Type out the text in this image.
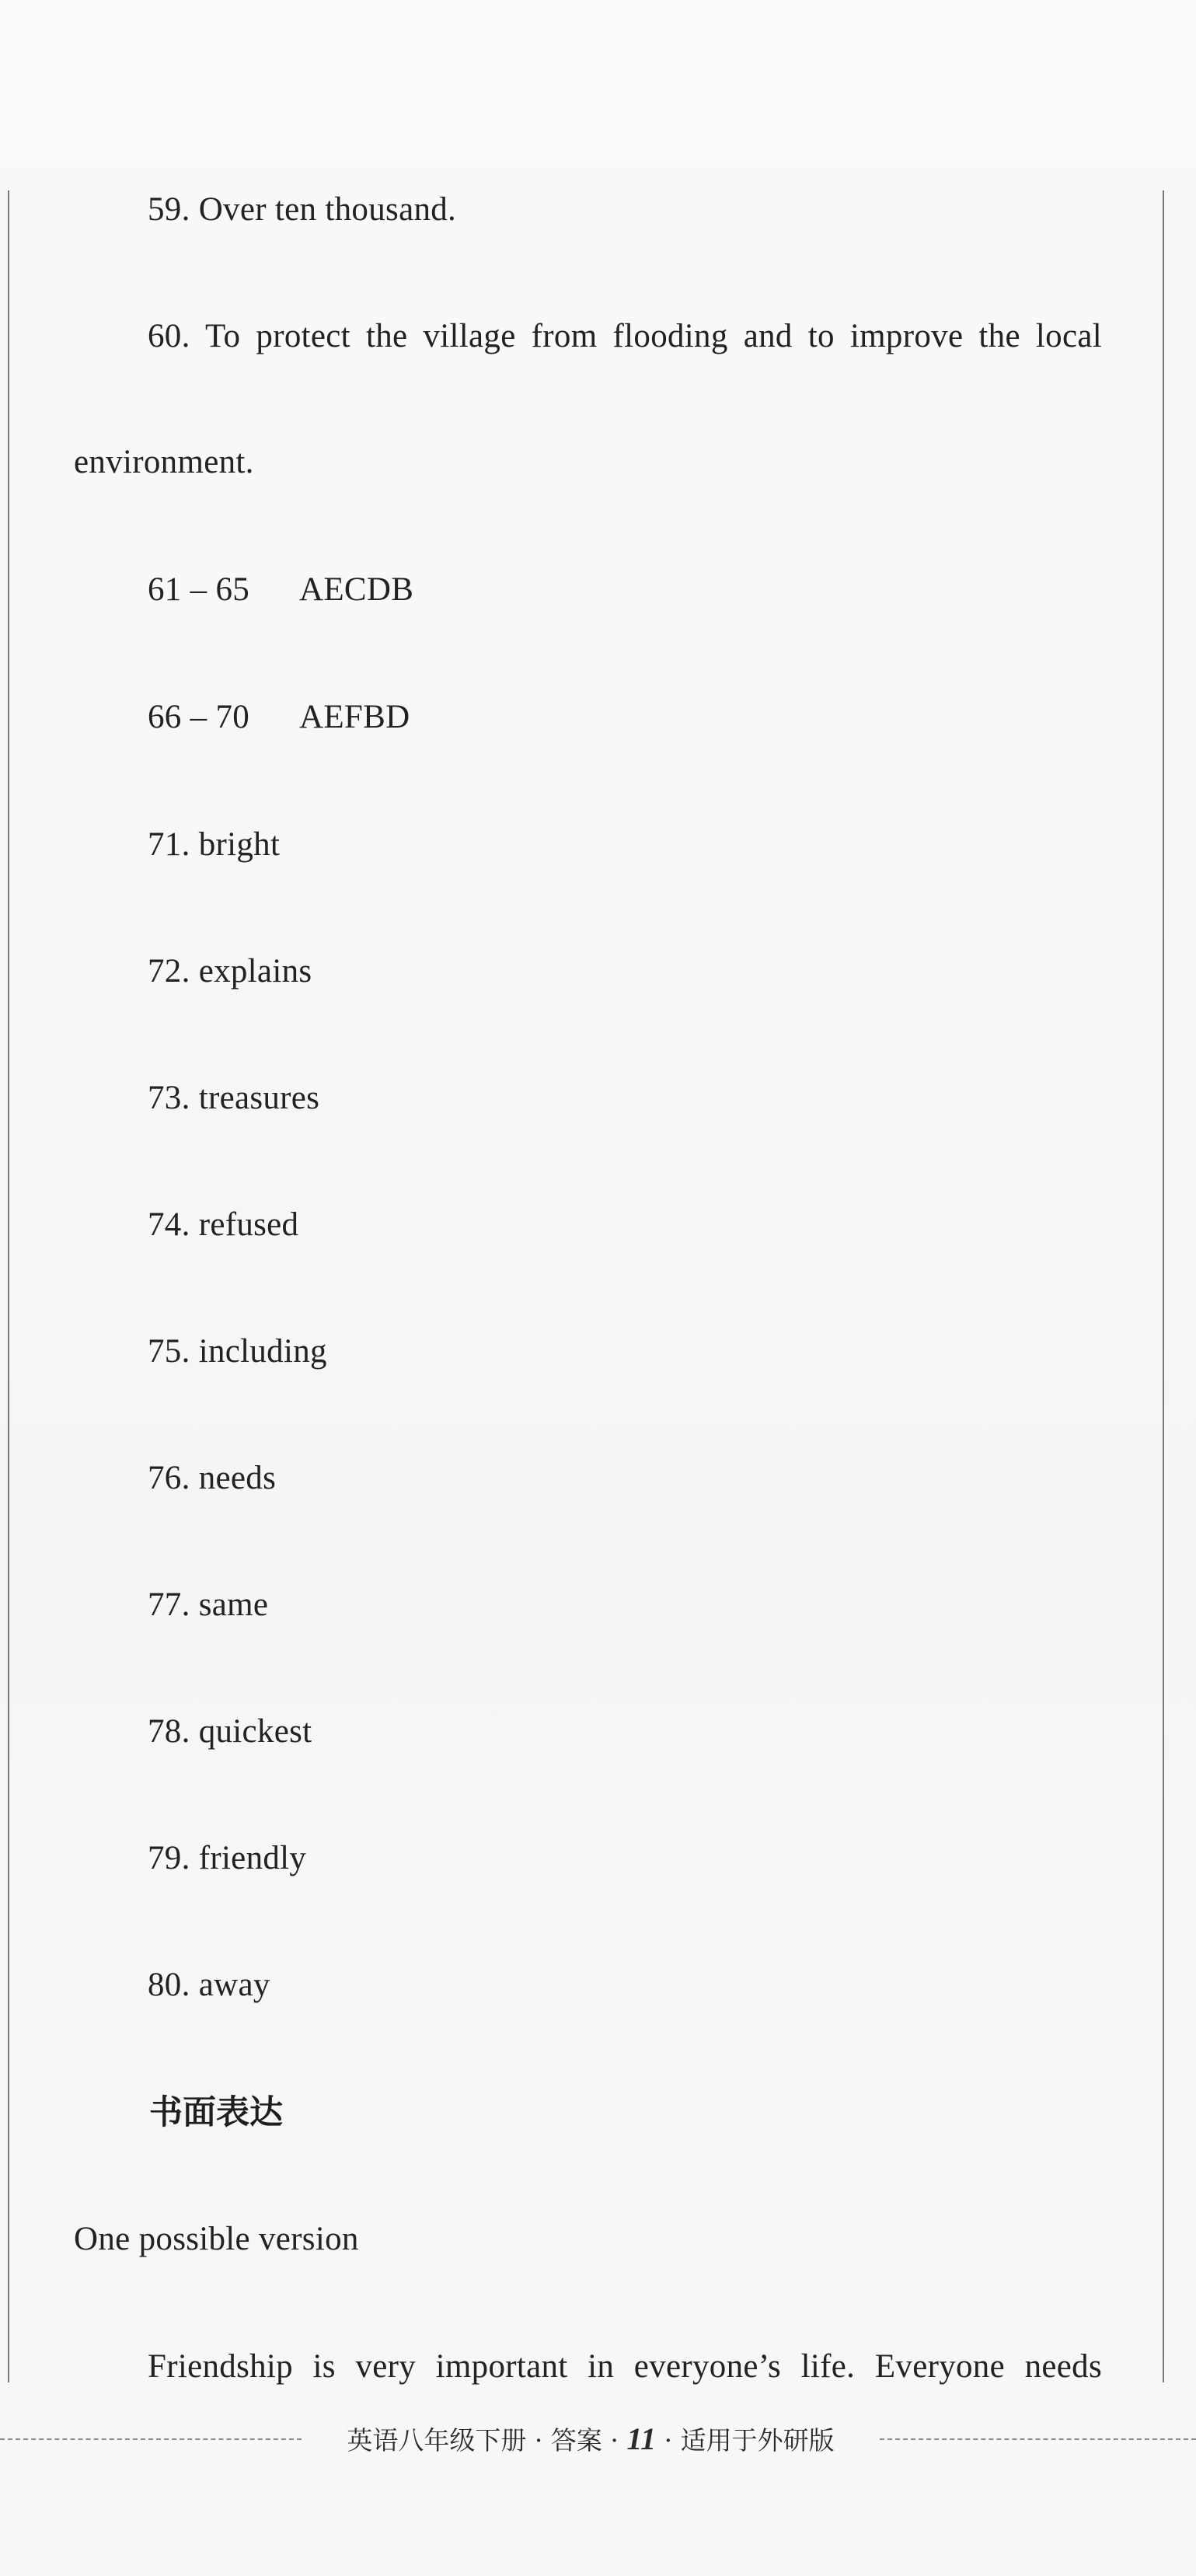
59. Over ten thousand.
60. To protect the village from flooding and to improve the local
environment.
61 – 65 AECDB
66 – 70 AEFBD
71. bright
72. explains
73. treasures
74. refused
75. including
76. needs
77. same
78. quickest
79. friendly
80. away
书面表达
One possible version
Friendship is very important in everyone’s life. Everyone needs
英语八年级下册 · 答案 · 11 · 适用于外研版
